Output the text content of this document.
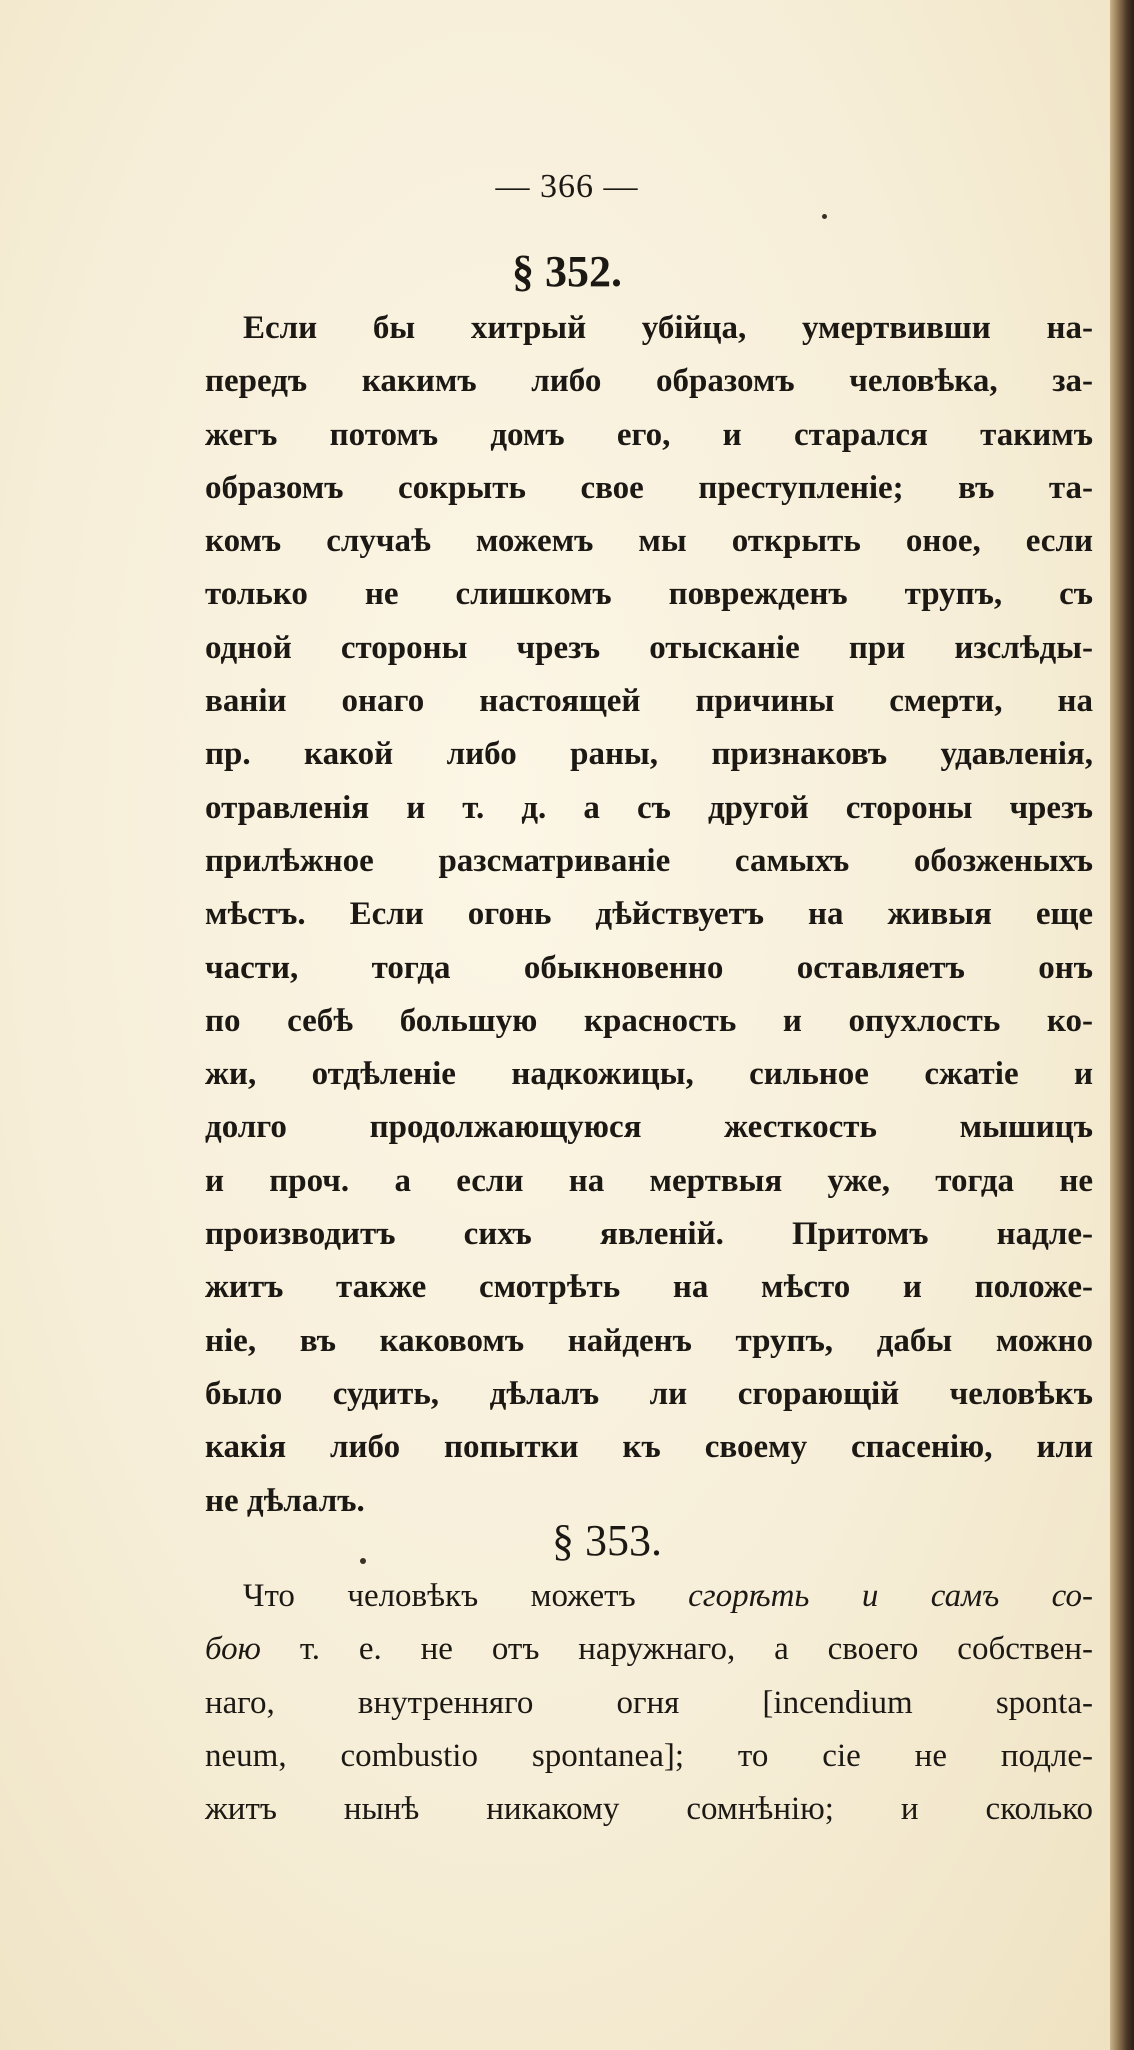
— 366 —
§ 352.
Если бы хитрый убійца, умертвивши на-
передъ какимъ либо образомъ человѣка, за-
жегъ потомъ домъ его, и старался такимъ
образомъ сокрыть свое преступленіе; въ та-
комъ случаѣ можемъ мы открыть оное, если
только не слишкомъ поврежденъ трупъ, съ
одной стороны чрезъ отысканіе при изслѣды-
ваніи онаго настоящей причины смерти, на
пр. какой либо раны, признаковъ удавленія,
отравленія и т. д. а съ другой стороны чрезъ
прилѣжное разсматриваніе самыхъ обозженыхъ
мѣстъ. Если огонь дѣйствуетъ на живыя еще
части, тогда обыкновенно оставляетъ онъ
по себѣ большую красность и опухлость ко-
жи, отдѣленіе надкожицы, сильное сжатіе и
долго продолжающуюся жесткость мышицъ
и проч. а если на мертвыя уже, тогда не
производитъ сихъ явленій. Притомъ надле-
житъ также смотрѣть на мѣсто и положе-
ніе, въ каковомъ найденъ трупъ, дабы можно
было судить, дѣлалъ ли сгорающій человѣкъ
какія либо попытки къ своему спасенію, или
не дѣлалъ.
§ 353.
Что человѣкъ можетъ сгорѣть и самъ со-
бою т. е. не отъ наружнаго, а своего собствен-
наго, внутренняго огня [incendium sponta-
neum, combustio spontanea]; то сіе не подле-
житъ нынѣ никакому сомнѣнію; и сколько
